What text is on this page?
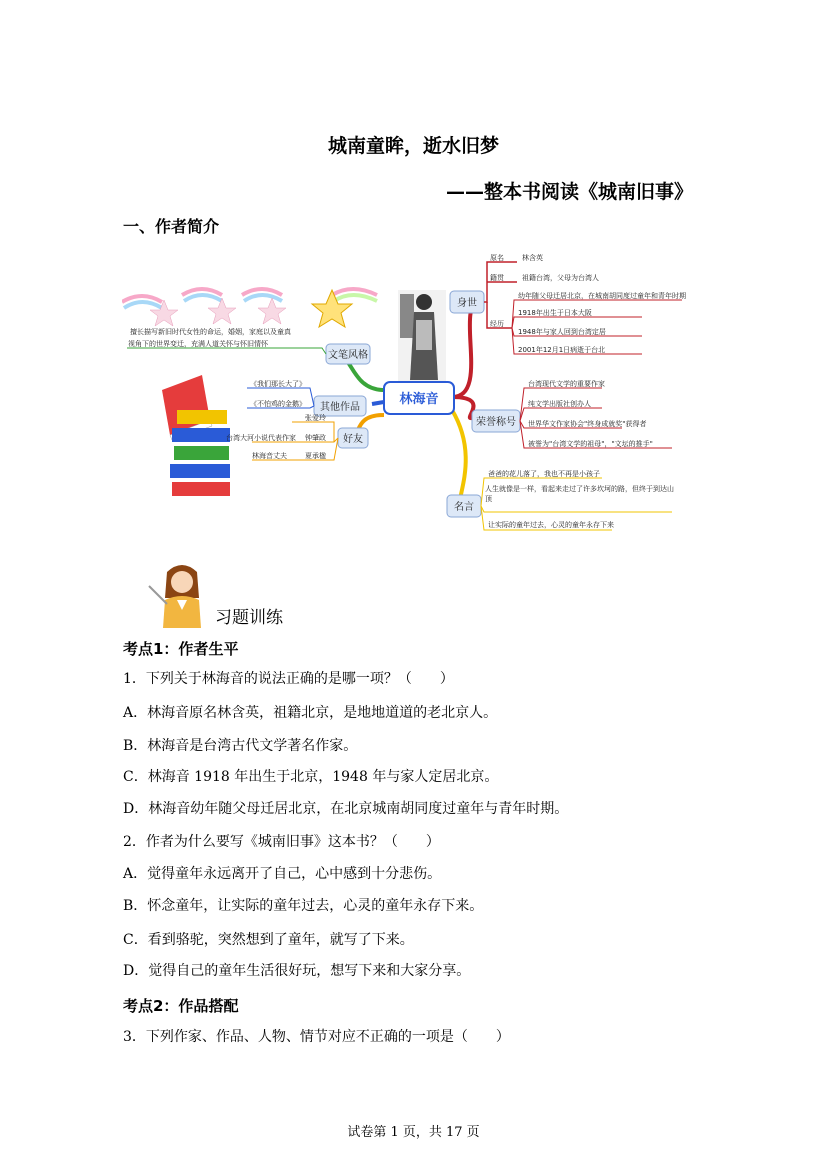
城南童眸，逝水旧梦
——整本书阅读《城南旧事》
一、作者简介
林海音
身世
原名	林含英
籍贯	祖籍台湾，父母为台湾人
经历
幼年随父母迁居北京，在城南胡同度过童年和青年时期
1918年出生于日本大阪
1948年与家人回到台湾定居
2001年12月1日病逝于台北
荣誉称号
台湾现代文学的重要作家
纯文学出版社创办人
世界华文作家协会"终身成就奖"获得者
被誉为"台湾文学的祖母"，"文坛的推手"
名言
爸爸的花儿落了，我也不再是小孩子
人生就像是一样，看起来走过了许多坎坷的路，但终于到达山顶
让实际的童年过去，心灵的童年永存下来
文笔风格
擅长描写新旧时代女性的命运，婚姻，家庭以及童真
视角下的世界变迁，充满人道关怀与怀旧情怀
其他作品
《我们那长大了》
《不怕鸡的金鹅》
好友
张爱玲
台湾大河小说代表作家 钟肇政
林海音丈夫	夏承楹
习题训练
考点1：作者生平
1．下列关于林海音的说法正确的是哪一项？（　　）
A．林海音原名林含英，祖籍北京，是地地道道的老北京人。
B．林海音是台湾古代文学著名作家。
C．林海音 1918 年出生于北京，1948 年与家人定居北京。
D．林海音幼年随父母迁居北京，在北京城南胡同度过童年与青年时期。
2．作者为什么要写《城南旧事》这本书？（　　）
A．觉得童年永远离开了自己，心中感到十分悲伤。
B．怀念童年，让实际的童年过去，心灵的童年永存下来。
C．看到骆驼，突然想到了童年，就写了下来。
D．觉得自己的童年生活很好玩，想写下来和大家分享。
考点2：作品搭配
3．下列作家、作品、人物、情节对应不正确的一项是（　　）
试卷第 1 页，共 17 页
